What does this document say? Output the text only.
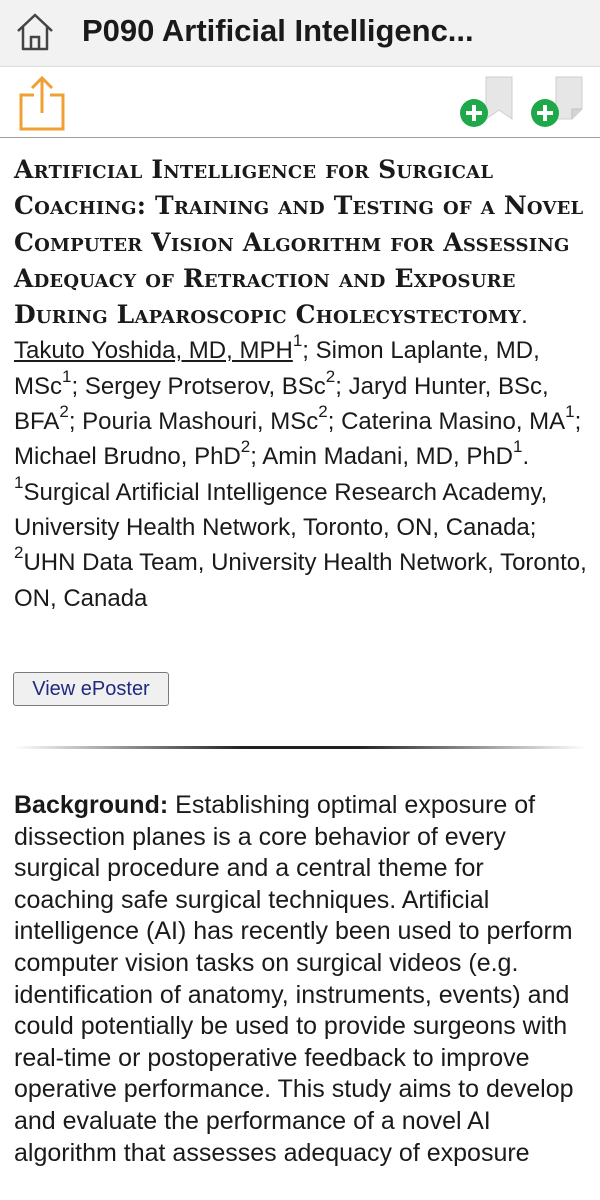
P090 Artificial Intelligenc...
Artificial Intelligence for Surgical Coaching: Training and Testing of a Novel Computer Vision Algorithm for Assessing Adequacy of Retraction and Exposure During Laparoscopic Cholecystectomy. Takuto Yoshida, MD, MPH$^1$; Simon Laplante, MD, MSc$^1$; Sergey Protserov, BSc$^2$; Jaryd Hunter, BSc, BFA$^2$; Pouria Mashouri, MSc$^2$; Caterina Masino, $MA^1$; Michael Brudno, PhD$^2$; Amin Madani, MD, PhD$^1$. $^1$Surgical Artificial Intelligence Research Academy, University Health Network, Toronto, ON, Canada; $^2$UHN Data Team, University Health Network, Toronto, ON, Canada
View ePoster
Background: Establishing optimal exposure of dissection planes is a core behavior of every surgical procedure and a central theme for coaching safe surgical techniques. Artificial intelligence (AI) has recently been used to perform computer vision tasks on surgical videos (e.g. identification of anatomy, instruments, events) and could potentially be used to provide surgeons with real-time or postoperative feedback to improve operative performance. This study aims to develop and evaluate the performance of a novel AI algorithm that assesses adequacy of exposure
